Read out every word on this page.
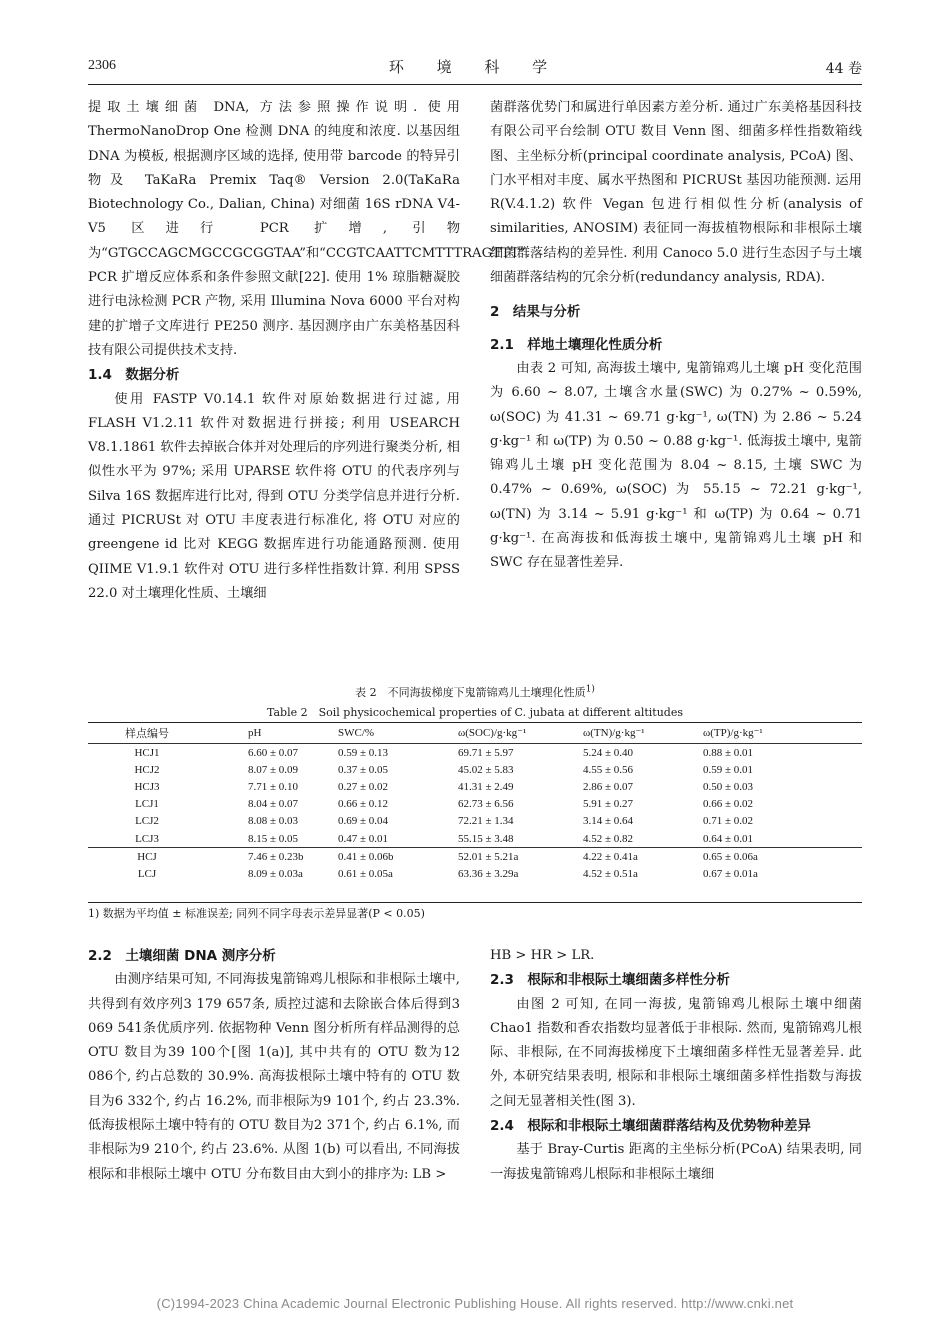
2306	环 境 科 学	44 卷

提取土壤细菌 DNA, 方法参照操作说明. 使用 ThermoNanoDrop One 检测 DNA 的纯度和浓度. 以基因组 DNA 为模板, 根据测序区域的选择, 使用带 barcode 的特异引物及 TaKaRa Premix Taq® Version 2.0(TaKaRa Biotechnology Co., Dalian, China) 对细菌 16S rDNA V4-V5 区进行 PCR 扩增, 引物为“GTGCCAGCMGCCGCGGTAA”和“CCGTCAATTCMTTTRAGTTT”. PCR 扩增反应体系和条件参照文献[22]. 使用 1% 琼脂糖凝胶进行电泳检测 PCR 产物, 采用 Illumina Nova 6000 平台对构建的扩增子文库进行 PE250 测序. 基因测序由广东美格基因科技有限公司提供技术支持.

1.4　数据分析

使用 FASTP V0.14.1 软件对原始数据进行过滤, 用 FLASH V1.2.11 软件对数据进行拼接; 利用 USEARCH V8.1.1861 软件去掉嵌合体并对处理后的序列进行聚类分析, 相似性水平为 97%; 采用 UPARSE 软件将 OTU 的代表序列与 Silva 16S 数据库进行比对, 得到 OTU 分类学信息并进行分析. 通过 PICRUSt 对 OTU 丰度表进行标准化, 将 OTU 对应的 greengene id 比对 KEGG 数据库进行功能通路预测. 使用 QIIME V1.9.1 软件对 OTU 进行多样性指数计算. 利用 SPSS 22.0 对土壤理化性质、土壤细

菌群落优势门和属进行单因素方差分析. 通过广东美格基因科技有限公司平台绘制 OTU 数目 Venn 图、细菌多样性指数箱线图、主坐标分析(principal coordinate analysis, PCoA) 图、门水平相对丰度、属水平热图和 PICRUSt 基因功能预测. 运用 R(V.4.1.2) 软件 Vegan 包进行相似性分析(analysis of similarities, ANOSIM) 表征同一海拔植物根际和非根际土壤细菌群落结构的差异性. 利用 Canoco 5.0 进行生态因子与土壤细菌群落结构的冗余分析(redundancy analysis, RDA).

2　结果与分析

2.1　样地土壤理化性质分析

由表 2 可知, 高海拔土壤中, 鬼箭锦鸡儿土壤 pH 变化范围为 6.60 ~ 8.07, 土壤含水量(SWC) 为 0.27% ~ 0.59%, ω(SOC) 为 41.31 ~ 69.71 g·kg⁻¹, ω(TN) 为 2.86 ~ 5.24 g·kg⁻¹ 和 ω(TP) 为 0.50 ~ 0.88 g·kg⁻¹. 低海拔土壤中, 鬼箭锦鸡儿土壤 pH 变化范围为 8.04 ~ 8.15, 土壤 SWC 为 0.47% ~ 0.69%, ω(SOC) 为 55.15 ~ 72.21 g·kg⁻¹, ω(TN) 为 3.14 ~ 5.91 g·kg⁻¹ 和 ω(TP) 为 0.64 ~ 0.71 g·kg⁻¹. 在高海拔和低海拔土壤中, 鬼箭锦鸡儿土壤 pH 和 SWC 存在显著性差异.

表 2　不同海拔梯度下鬼箭锦鸡儿土壤理化性质$^{1)}$
Table 2　Soil physicochemical properties of C. jubata at different altitudes
样点编号	pH	SWC/%	ω(SOC)/g·kg⁻¹	ω(TN)/g·kg⁻¹	ω(TP)/g·kg⁻¹
HCJ1	6.60 ± 0.07	0.59 ± 0.13	69.71 ± 5.97	5.24 ± 0.40	0.88 ± 0.01
HCJ2	8.07 ± 0.09	0.37 ± 0.05	45.02 ± 5.83	4.55 ± 0.56	0.59 ± 0.01
HCJ3	7.71 ± 0.10	0.27 ± 0.02	41.31 ± 2.49	2.86 ± 0.07	0.50 ± 0.03
LCJ1	8.04 ± 0.07	0.66 ± 0.12	62.73 ± 6.56	5.91 ± 0.27	0.66 ± 0.02
LCJ2	8.08 ± 0.03	0.69 ± 0.04	72.21 ± 1.34	3.14 ± 0.64	0.71 ± 0.02
LCJ3	8.15 ± 0.05	0.47 ± 0.01	55.15 ± 3.48	4.52 ± 0.82	0.64 ± 0.01
HCJ	7.46 ± 0.23b	0.41 ± 0.06b	52.01 ± 5.21a	4.22 ± 0.41a	0.65 ± 0.06a
LCJ	8.09 ± 0.03a	0.61 ± 0.05a	63.36 ± 3.29a	4.52 ± 0.51a	0.67 ± 0.01a
1) 数据为平均值 ± 标准误差; 同列不同字母表示差异显著(P < 0.05)

2.2　土壤细菌 DNA 测序分析

由测序结果可知, 不同海拔鬼箭锦鸡儿根际和非根际土壤中, 共得到有效序列3 179 657条, 质控过滤和去除嵌合体后得到3 069 541条优质序列. 依据物种 Venn 图分析所有样品测得的总 OTU 数目为39 100个[图 1(a)], 其中共有的 OTU 数为12 086个, 约占总数的 30.9%. 高海拔根际土壤中特有的 OTU 数目为6 332个, 约占 16.2%, 而非根际为9 101个, 约占 23.3%. 低海拔根际土壤中特有的 OTU 数目为2 371个, 约占 6.1%, 而非根际为9 210个, 约占 23.6%. 从图 1(b) 可以看出, 不同海拔根际和非根际土壤中 OTU 分布数目由大到小的排序为: LB >

HB > HR > LR.

2.3　根际和非根际土壤细菌多样性分析

由图 2 可知, 在同一海拔, 鬼箭锦鸡儿根际土壤中细菌 Chao1 指数和香农指数均显著低于非根际. 然而, 鬼箭锦鸡儿根际、非根际, 在不同海拔梯度下土壤细菌多样性无显著差异. 此外, 本研究结果表明, 根际和非根际土壤细菌多样性指数与海拔之间无显著相关性(图 3).

2.4　根际和非根际土壤细菌群落结构及优势物种差异

基于 Bray-Curtis 距离的主坐标分析(PCoA) 结果表明, 同一海拔鬼箭锦鸡儿根际和非根际土壤细

(C)1994-2023 China Academic Journal Electronic Publishing House. All rights reserved. http://www.cnki.net
